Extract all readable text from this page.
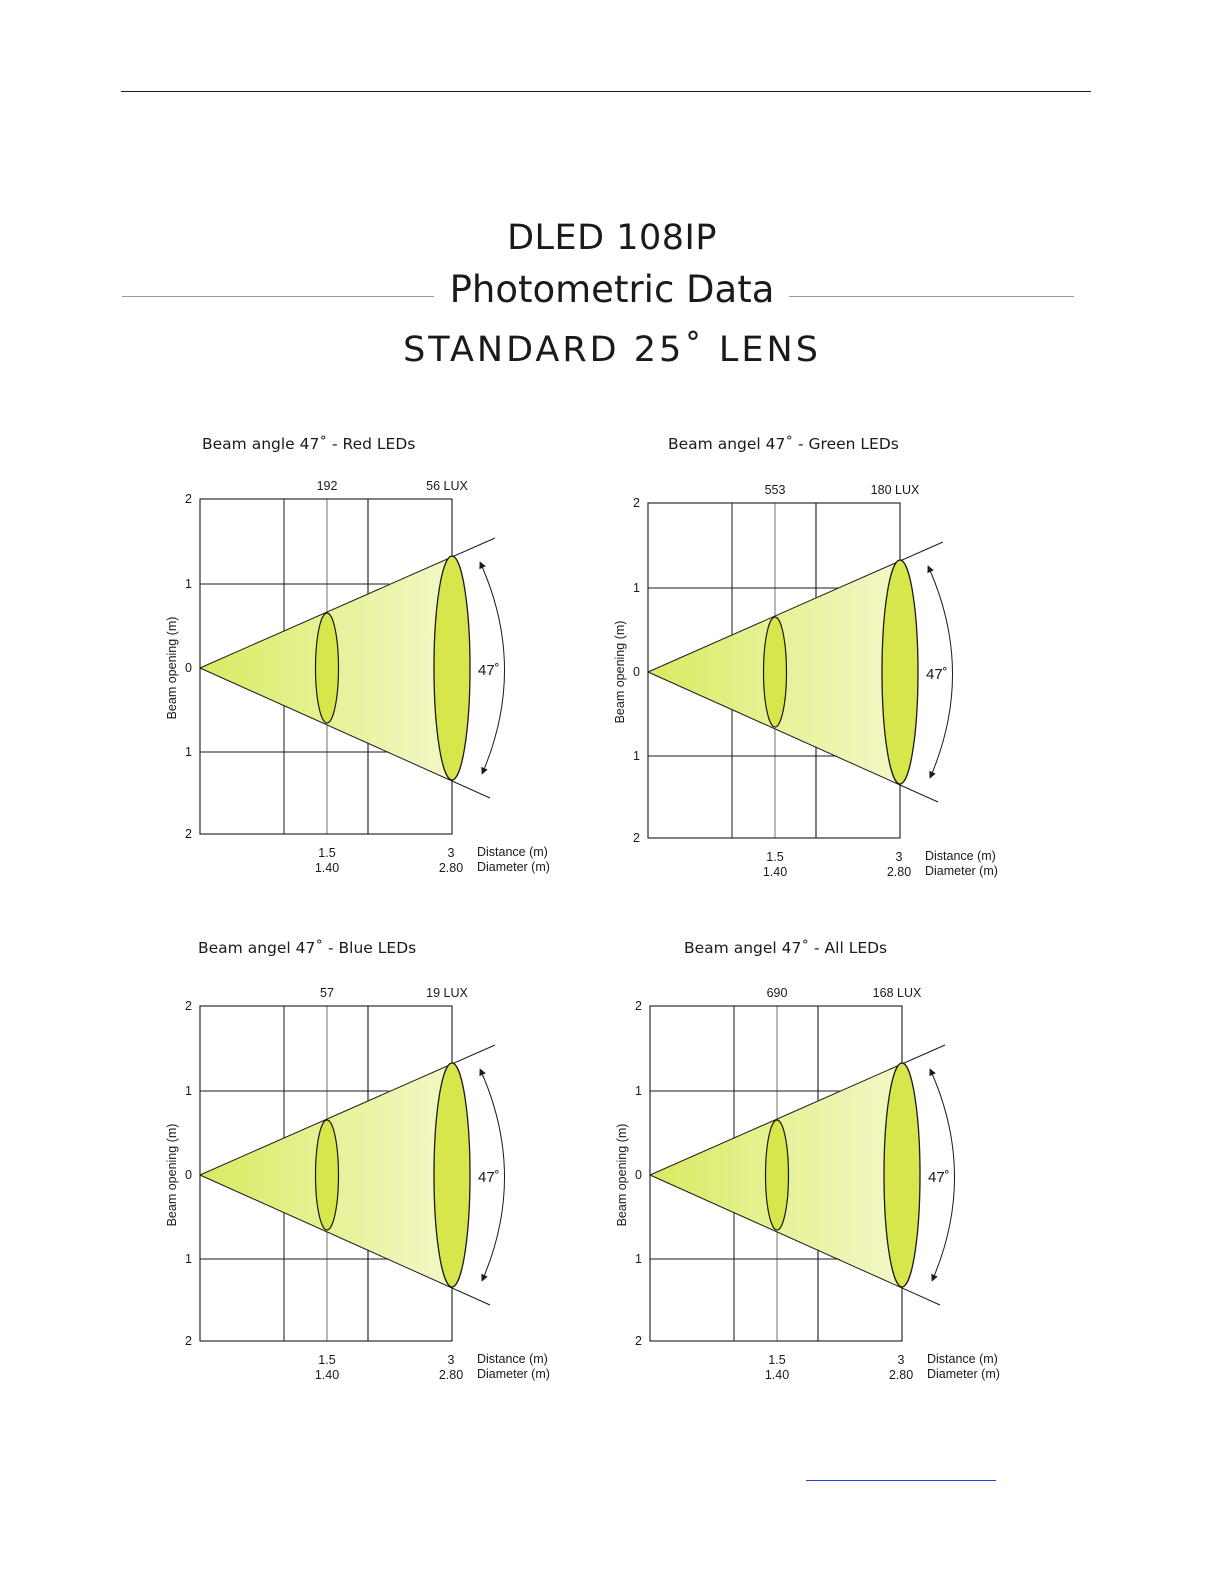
DLED 108IP
Photometric Data
STANDARD 25˚ LENS
Beam angle 47˚ - Red LEDs
47˚
192	56 LUX
2
1
0
1
2
Beam opening (m)
1.5	3
1.40	2.80
Distance (m)
Diameter (m)
Beam angel 47˚ - Green LEDs
47˚
553	180 LUX
2
1
0
1
2
Beam opening (m)
1.5	3
1.40	2.80
Distance (m)
Diameter (m)
Beam angel 47˚ - Blue LEDs
47˚
57	19 LUX
2
1
0
1
2
Beam opening (m)
1.5	3
1.40	2.80
Distance (m)
Diameter (m)
Beam angel 47˚ - All LEDs
47˚
690	168 LUX
2
1
0
1
2
Beam opening (m)
1.5	3
1.40	2.80
Distance (m)
Diameter (m)
